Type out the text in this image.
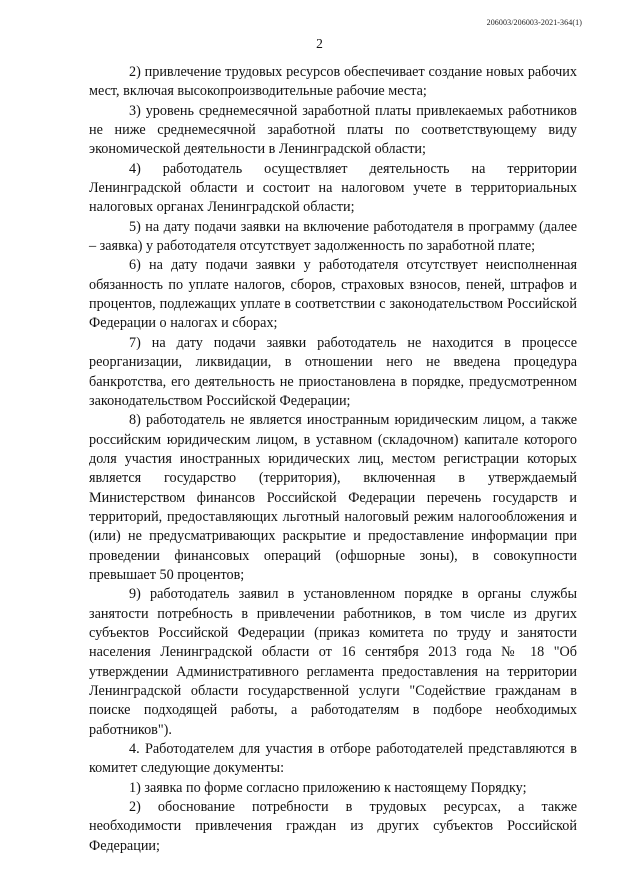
206003/206003-2021-364(1)
2

2) привлечение трудовых ресурсов обеспечивает создание новых рабочих мест, включая высокопроизводительные рабочие места;

3) уровень среднемесячной заработной платы привлекаемых работников не ниже среднемесячной заработной платы по соответствующему виду экономической деятельности в Ленинградской области;

4) работодатель осуществляет деятельность на территории Ленинградской области и состоит на налоговом учете в территориальных налоговых органах Ленинградской области;

5) на дату подачи заявки на включение работодателя в программу (далее – заявка) у работодателя отсутствует задолженность по заработной плате;

6) на дату подачи заявки у работодателя отсутствует неисполненная обязанность по уплате налогов, сборов, страховых взносов, пеней, штрафов и процентов, подлежащих уплате в соответствии с законодательством Российской Федерации о налогах и сборах;

7) на дату подачи заявки работодатель не находится в процессе реорганизации, ликвидации, в отношении него не введена процедура банкротства, его деятельность не приостановлена в порядке, предусмотренном законодательством Российской Федерации;

8) работодатель не является иностранным юридическим лицом, а также российским юридическим лицом, в уставном (складочном) капитале которого доля участия иностранных юридических лиц, местом регистрации которых является государство (территория), включенная в утверждаемый Министерством финансов Российской Федерации перечень государств и территорий, предоставляющих льготный налоговый режим налогообложения и (или) не предусматривающих раскрытие и предоставление информации при проведении финансовых операций (офшорные зоны), в совокупности превышает 50 процентов;

9) работодатель заявил в установленном порядке в органы службы занятости потребность в привлечении работников, в том числе из других субъектов Российской Федерации (приказ комитета по труду и занятости населения Ленинградской области от 16 сентября 2013 года № 18 "Об утверждении Административного регламента предоставления на территории Ленинградской области государственной услуги "Содействие гражданам в поиске подходящей работы, а работодателям в подборе необходимых работников").

4. Работодателем для участия в отборе работодателей представляются в комитет следующие документы:

1) заявка по форме согласно приложению к настоящему Порядку;

2) обоснование потребности в трудовых ресурсах, а также необходимости привлечения граждан из других субъектов Российской Федерации;
